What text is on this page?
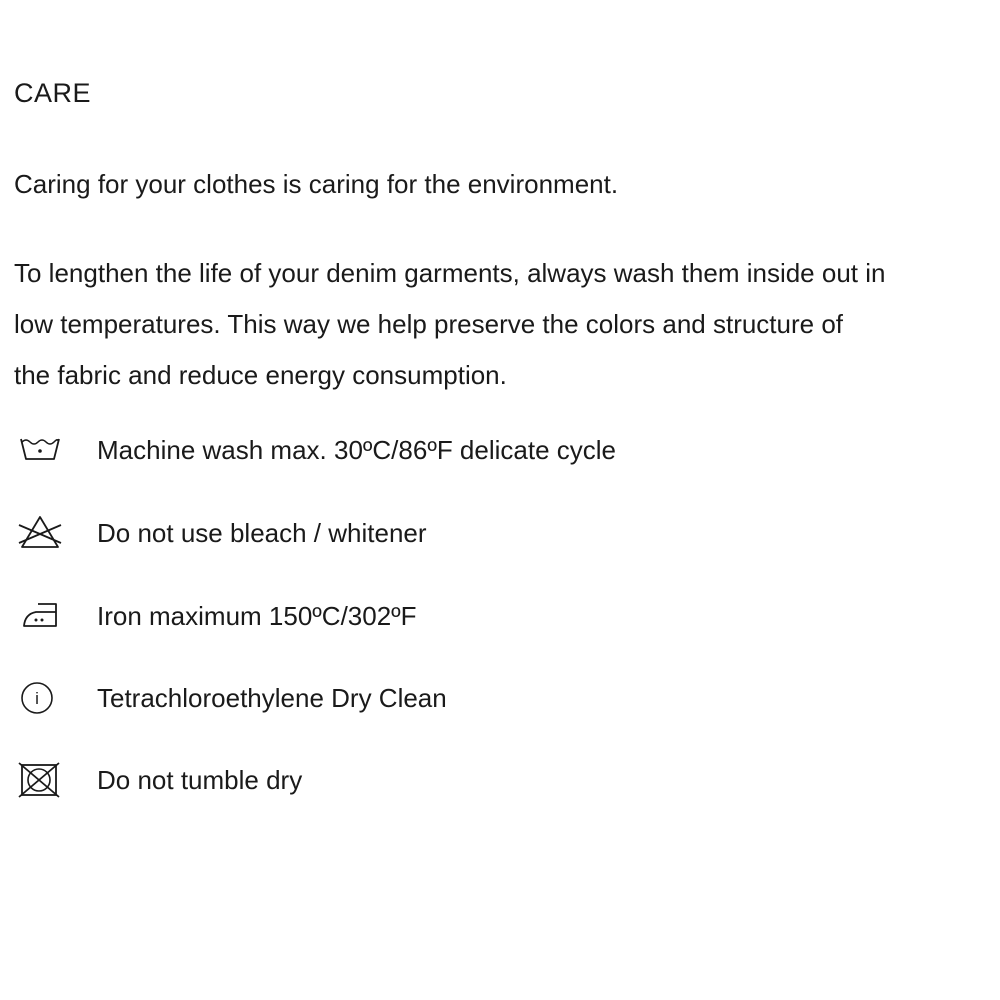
CARE
Caring for your clothes is caring for the environment.
To lengthen the life of your denim garments, always wash them inside out in
low temperatures. This way we help preserve the colors and structure of
the fabric and reduce energy consumption.
Machine wash max. 30ºC/86ºF delicate cycle
Do not use bleach / whitener
Iron maximum 150ºC/302ºF
i Tetrachloroethylene Dry Clean
Do not tumble dry
